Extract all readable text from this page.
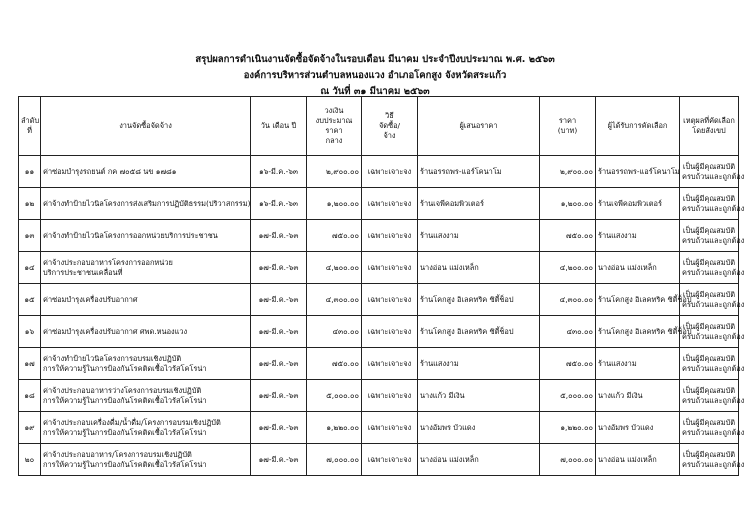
สรุปผลการดำเนินงานจัดซื้อจัดจ้างในรอบเดือน มีนาคม ประจำปีงบประมาณ พ.ศ. ๒๕๖๓
องค์การบริหารส่วนตำบลหนองแวง อำเภอโคกสูง จังหวัดสระแก้ว
ณ วันที่ ๓๑ มีนาคม ๒๕๖๓
ลำดับ
ที่	งานจัดซื้อจัดจ้าง	วัน เดือน ปี	วงเงิน
งบประมาณ
ราคา
กลาง	วิธี
จัดซื้อ/
จ้าง	ผู้เสนอราคา	ราคา
(บาท)	ผู้ได้รับการคัดเลือก	เหตุผลที่คัดเลือก
โดยสังเขป

๑๑	ค่าซ่อมบำรุงรถยนต์ กค ๗๐๕๘ นข ๑๗๘๑	๑๖-มี.ค.-๖๓	๒,๙๐๐.๐๐	เฉพาะเจาะจง	ร้านอรรถพร-แอร์โคนาโม	๒,๙๐๐.๐๐	ร้านอรรถพร-แอร์โคนาโม	เป็นผู้มีคุณสมบัติ
ครบถ้วนและถูกต้อง

๑๒	ค่าจ้างทำป้ายไวนิลโครงการส่งเสริมการปฏิบัติธรรม(ปริวาสกรรม)	๑๖-มี.ค.-๖๓	๑,๒๐๐.๐๐	เฉพาะเจาะจง	ร้านเจพีคอมพิวเตอร์	๑,๒๐๐.๐๐	ร้านเจพีคอมพิวเตอร์	เป็นผู้มีคุณสมบัติ
ครบถ้วนและถูกต้อง

๑๓	ค่าจ้างทำป้ายไวนิลโครงการออกหน่วยบริการประชาชน	๑๗-มี.ค.-๖๓	๗๕๐.๐๐	เฉพาะเจาะจง	ร้านแสงงาม	๗๕๐.๐๐	ร้านแสงงาม	เป็นผู้มีคุณสมบัติ
ครบถ้วนและถูกต้อง

๑๔	ค่าจ้างประกอบอาหารโครงการออกหน่วย
บริการประชาชนเคลื่อนที่	๑๗-มี.ค.-๖๓	๔,๒๐๐.๐๐	เฉพาะเจาะจง	นางอ่อน แม่งเหล็ก	๔,๒๐๐.๐๐	นางอ่อน แม่งเหล็ก	เป็นผู้มีคุณสมบัติ
ครบถ้วนและถูกต้อง

๑๕	ค่าซ่อมบำรุงเครื่องปรับอากาศ	๑๗-มี.ค.-๖๓	๔,๓๐๐.๐๐	เฉพาะเจาะจง	ร้านโคกสูง อิเลคทริค ซิตี้ช็อป	๔,๓๐๐.๐๐	ร้านโคกสูง อิเลคทริค ซิตี้ช็อป	เป็นผู้มีคุณสมบัติ
ครบถ้วนและถูกต้อง

๑๖	ค่าซ่อมบำรุงเครื่องปรับอากาศ ศพด.หนองแวง	๑๗-มี.ค.-๖๓	๔๓๐.๐๐	เฉพาะเจาะจง	ร้านโคกสูง อิเลคทริค ซิตี้ช็อป	๔๓๐.๐๐	ร้านโคกสูง อิเลคทริค ซิตี้ช็อป	เป็นผู้มีคุณสมบัติ
ครบถ้วนและถูกต้อง

๑๗	ค่าจ้างทำป้ายไวนิลโครงการอบรมเชิงปฏิบัติ
การให้ความรู้ในการป้องกันโรคติดเชื้อไวรัสโคโรน่า	๑๗-มี.ค.-๖๓	๗๕๐.๐๐	เฉพาะเจาะจง	ร้านแสงงาม	๗๕๐.๐๐	ร้านแสงงาม	เป็นผู้มีคุณสมบัติ
ครบถ้วนและถูกต้อง

๑๘	ค่าจ้างประกอบอาหารว่างโครงการอบรมเชิงปฏิบัติ
การให้ความรู้ในการป้องกันโรคติดเชื้อไวรัสโคโรน่า	๑๗-มี.ค.-๖๓	๕,๐๐๐.๐๐	เฉพาะเจาะจง	นางแก้ว มีเงิน	๕,๐๐๐.๐๐	นางแก้ว มีเงิน	เป็นผู้มีคุณสมบัติ
ครบถ้วนและถูกต้อง

๑๙	ค่าจ้างประกอบเครื่องดื่ม/น้ำดื่ม/โครงการอบรมเชิงปฏิบัติ
การให้ความรู้ในการป้องกันโรคติดเชื้อไวรัสโคโรน่า	๑๗-มี.ค.-๖๓	๑,๒๒๐.๐๐	เฉพาะเจาะจง	นางอัมพร บัวแดง	๑,๒๒๐.๐๐	นางอัมพร บัวแดง	เป็นผู้มีคุณสมบัติ
ครบถ้วนและถูกต้อง

๒๐	ค่าจ้างประกอบอาหาร/โครงการอบรมเชิงปฏิบัติ
การให้ความรู้ในการป้องกันโรคติดเชื้อไวรัสโคโรน่า	๑๗-มี.ค.-๖๓	๗,๐๐๐.๐๐	เฉพาะเจาะจง	นางอ่อน แม่งเหล็ก	๗,๐๐๐.๐๐	นางอ่อน แม่งเหล็ก	เป็นผู้มีคุณสมบัติ
ครบถ้วนและถูกต้อง
